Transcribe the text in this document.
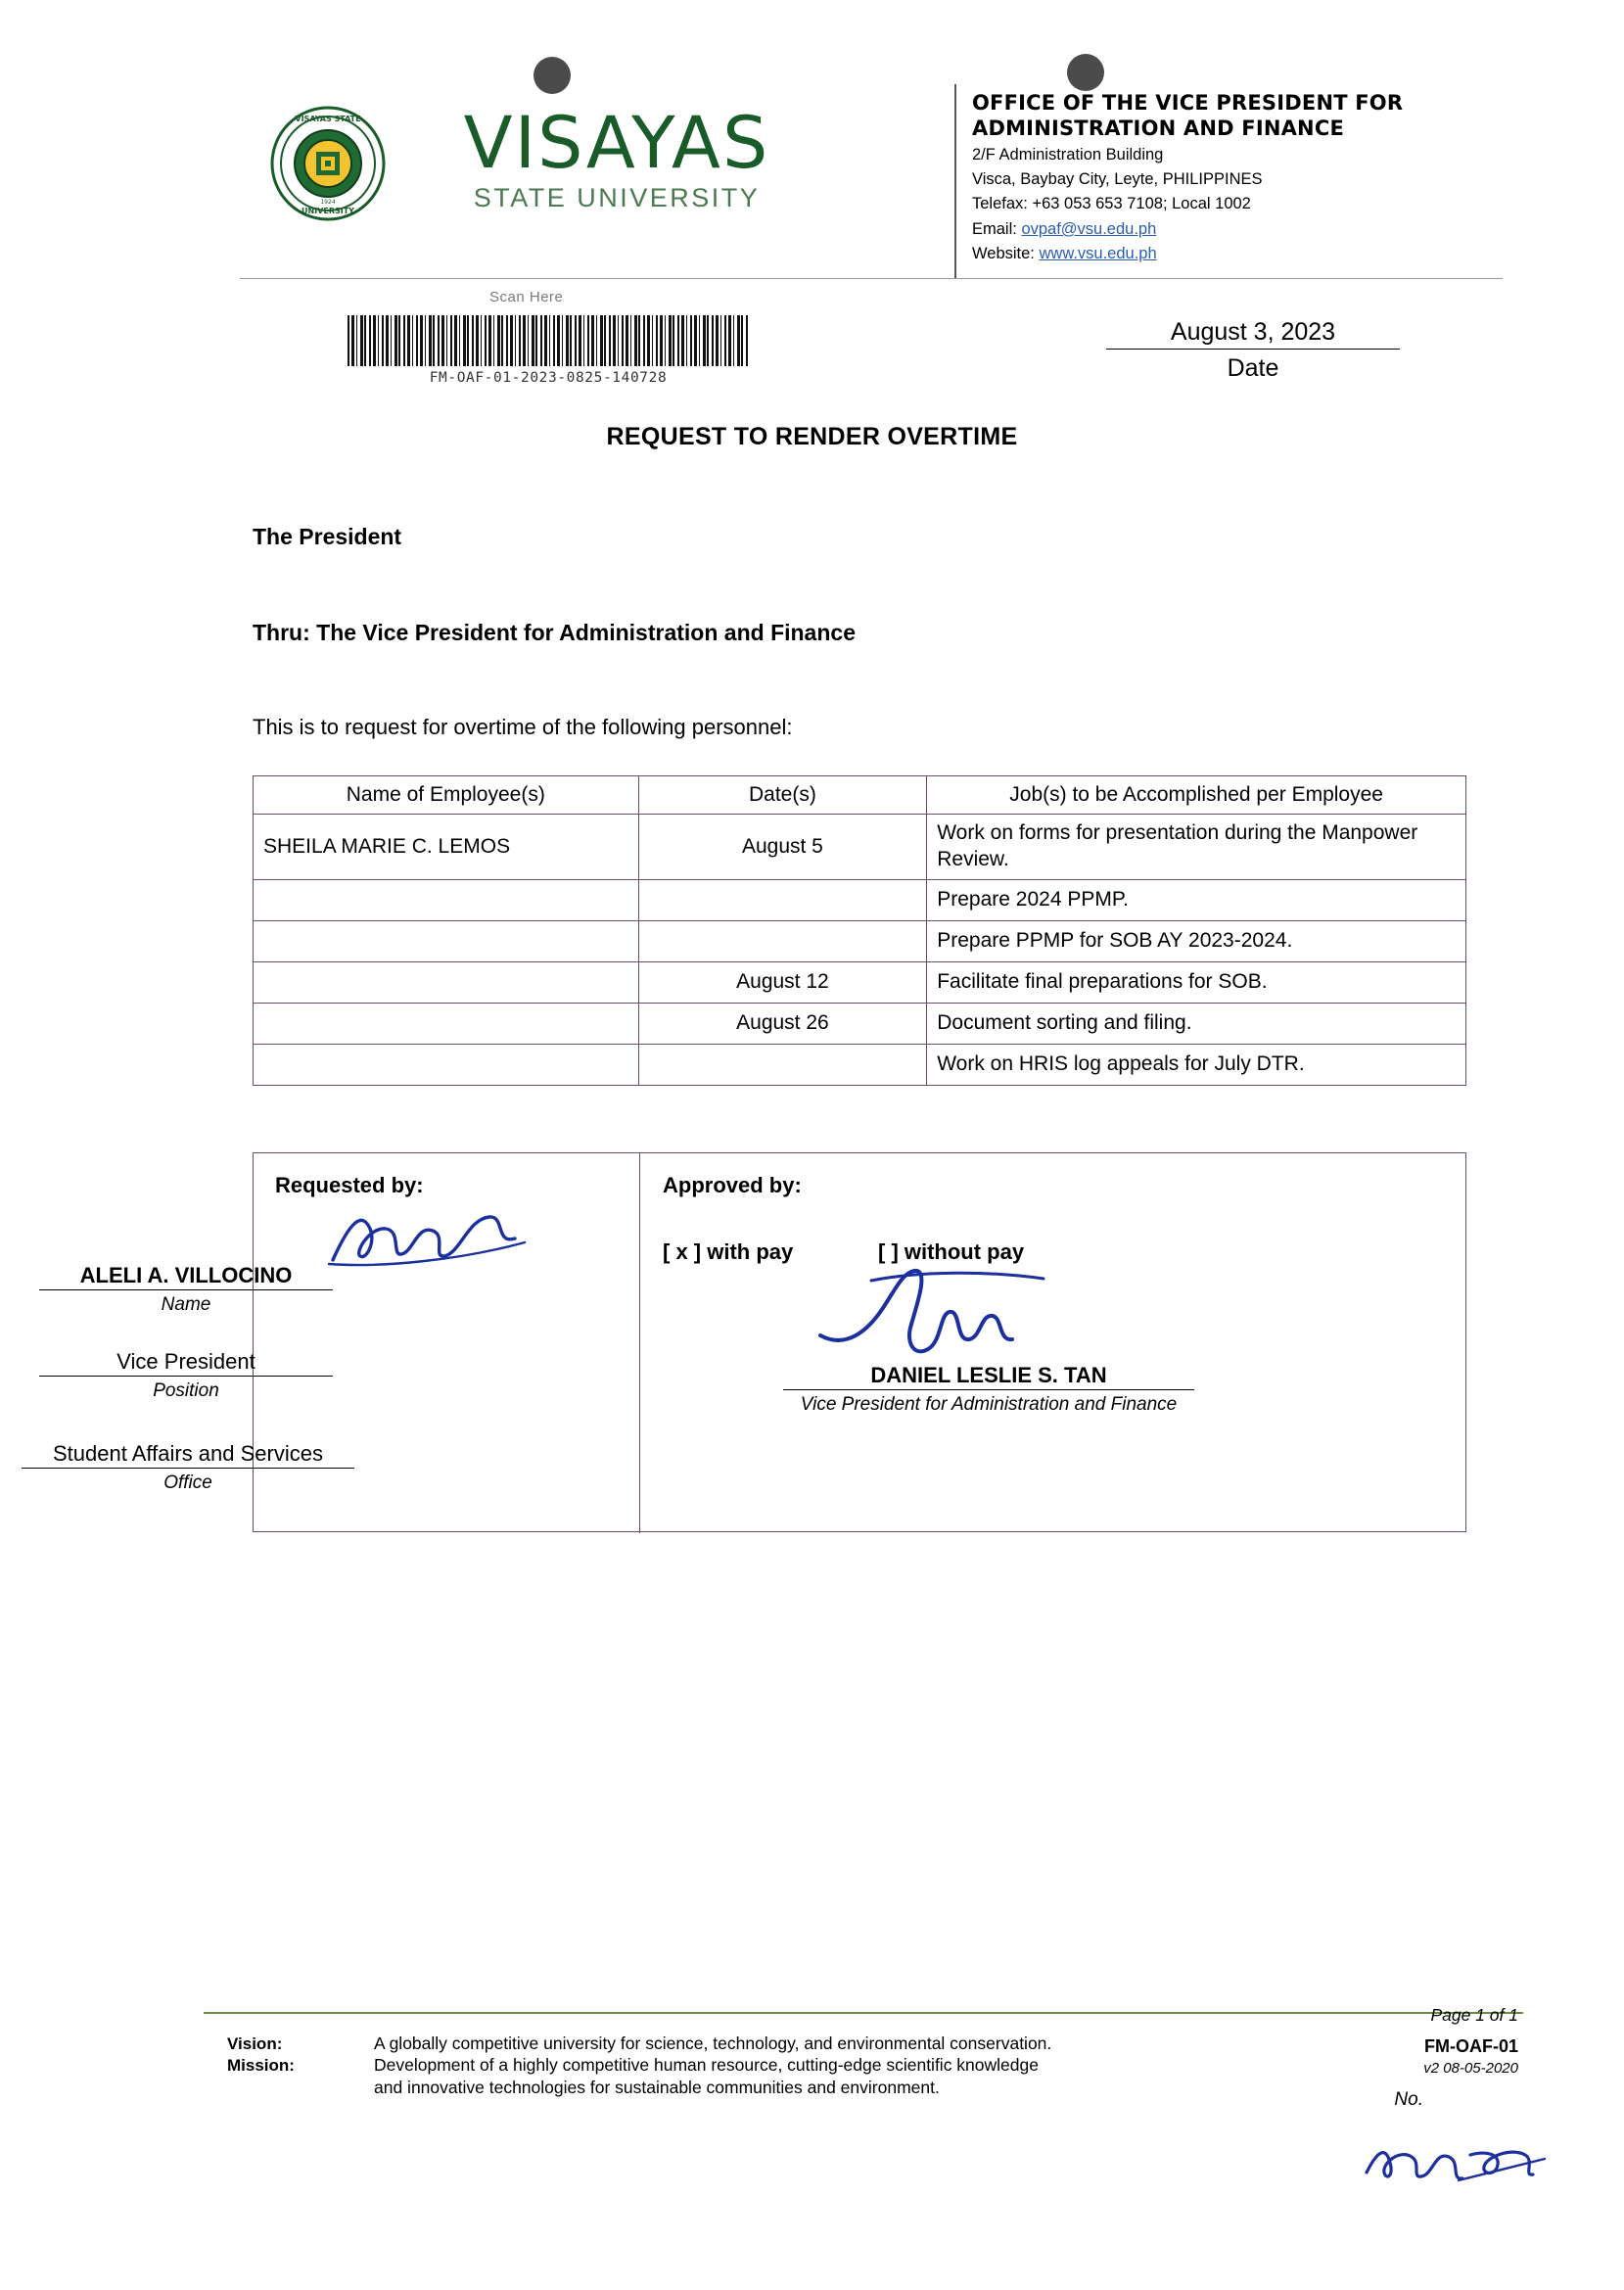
VISAYAS STATE
UNIVERSITY
1924
VISAYAS
STATE UNIVERSITY
OFFICE OF THE VICE PRESIDENT FOR
ADMINISTRATION AND FINANCE
2/F Administration Building
Visca, Baybay City, Leyte, PHILIPPINES
Telefax: +63 053 653 7108; Local 1002
Email: ovpaf@vsu.edu.ph
Website: www.vsu.edu.ph
Scan Here
FM-OAF-01-2023-0825-140728
August 3, 2023
Date
REQUEST TO RENDER OVERTIME
The President
Thru: The Vice President for Administration and Finance
This is to request for overtime of the following personnel:
Name of Employee(s)	Date(s)	Job(s) to be Accomplished per Employee
SHEILA MARIE C. LEMOS	August 5	Work on forms for presentation during the Manpower Review.
		Prepare 2024 PPMP.
		Prepare PPMP for SOB AY 2023-2024.
	August 12	Facilitate final preparations for SOB.
	August 26	Document sorting and filing.
		Work on HRIS log appeals for July DTR.
Requested by:	Approved by:
[ x ] with pay	[ ] without pay
ALELI A. VILLOCINO
Name
Vice President
Position
Student Affairs and Services
Office
DANIEL LESLIE S. TAN
Vice President for Administration and Finance
Vision:
Mission:
A globally competitive university for science, technology, and environmental conservation.
Development of a highly competitive human resource, cutting-edge scientific knowledge
and innovative technologies for sustainable communities and environment.
Page 1 of 1
FM-OAF-01
v2 08-05-2020
No.
